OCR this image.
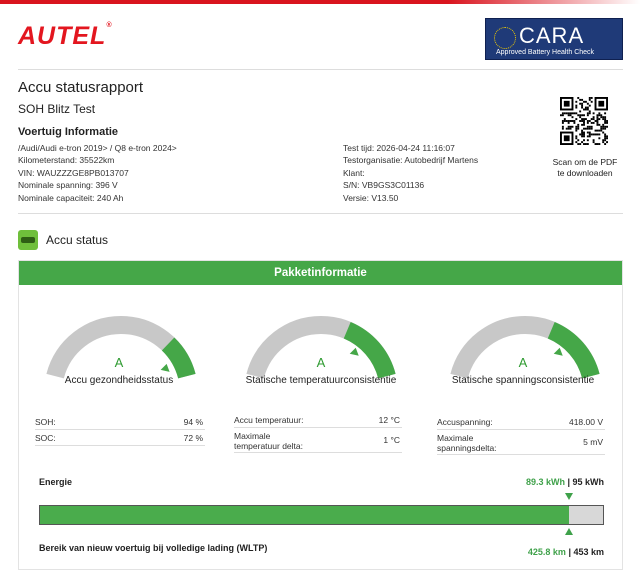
AUTEL®	CARA
Approved Battery Health Check
Accu statusrapport
SOH Blitz Test
Voertuig Informatie
/Audi/Audi e-tron 2019> / Q8 e-tron 2024>
Kilometerstand: 35522km
VIN: WAUZZZGE8PB013707
Nominale spanning: 396 V
Nominale capaciteit: 240 Ah
Test tijd: 2026-04-24 11:16:07
Testorganisatie: Autobedrijf Martens
Klant:
S/N: VB9GS3C01136
Versie: V13.50
Scan om de PDF
te downloaden
Accu status
Pakketinformatie
A
Accu gezondheidsstatus
A
Statische temperatuurconsistentie
A
Statische spanningsconsistentie
SOH:	94 %
SOC:	72 %
Accu temperatuur:	12 °C
Maximale
temperatuur delta:
1 °C
Accuspanning:	418.00 V
Maximale
spanningsdelta:
5 mV
Energie	89.3 kWh | 95 kWh
Bereik van nieuw voertuig bij volledige lading (WLTP)	425.8 km | 453 km
